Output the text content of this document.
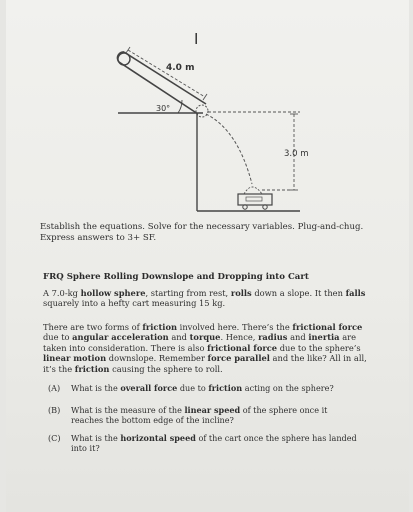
4.0 m
30°
3.0 m
I
Establish the equations. Solve for the necessary variables. Plug-and-chug.
Express answers to 3+ SF.
FRQ Sphere Rolling Downslope and Dropping into Cart
A 7.0-kg hollow sphere, starting from rest, rolls down a slope. It then falls squarely into a hefty cart measuring 15 kg.
There are two forms of friction involved here. There’s the frictional force due to angular acceleration and torque. Hence, radius and inertia are taken into consideration. There is also frictional force due to the sphere’s linear motion downslope. Remember force parallel and the like? All in all, it’s the friction causing the sphere to roll.
(A) What is the overall force due to friction acting on the sphere?
(B) What is the measure of the linear speed of the sphere once it reaches the bottom edge of the incline?
(C) What is the horizontal speed of the cart once the sphere has landed into it?
